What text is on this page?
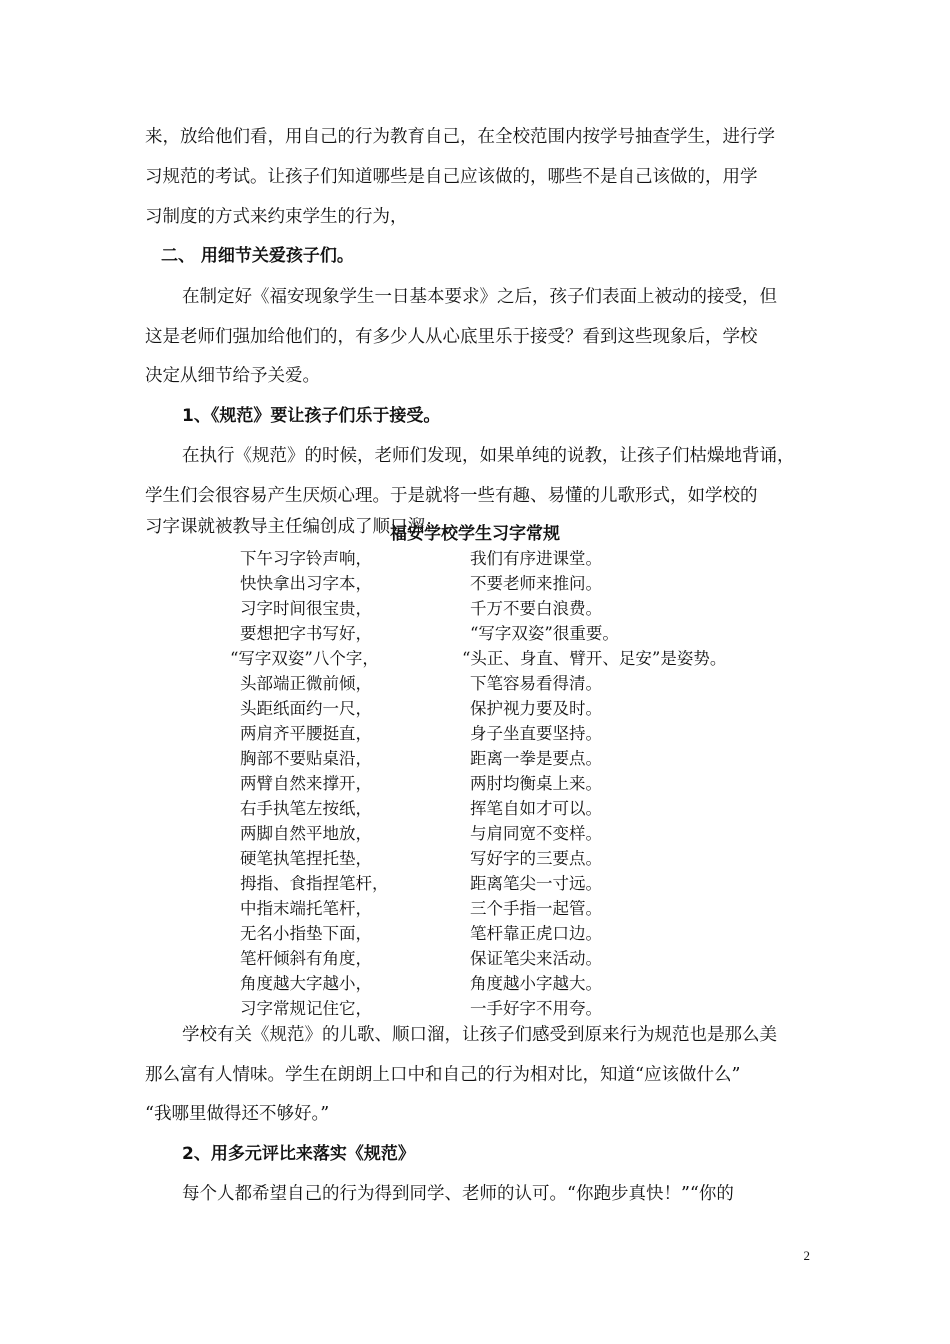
来，放给他们看，用自己的行为教育自己，在全校范围内按学号抽查学生，进行学
习规范的考试。让孩子们知道哪些是自己应该做的，哪些不是自己该做的，用学
习制度的方式来约束学生的行为，
二、 用细节关爱孩子们。
在制定好《福安现象学生一日基本要求》之后，孩子们表面上被动的接受，但
这是老师们强加给他们的，有多少人从心底里乐于接受？看到这些现象后，学校
决定从细节给予关爱。
1、《规范》要让孩子们乐于接受。
在执行《规范》的时候，老师们发现，如果单纯的说教，让孩子们枯燥地背诵，
学生们会很容易产生厌烦心理。于是就将一些有趣、易懂的儿歌形式，如学校的
习字课就被教导主任编创成了顺口溜：
福安学校学生习字常规
下午习字铃声响，	我们有序进课堂。
快快拿出习字本，	不要老师来推问。
习字时间很宝贵，	千万不要白浪费。
要想把字书写好，	“写字双姿”很重要。
“写字双姿”八个字，	“头正、身直、臂开、足安”是姿势。
头部端正微前倾，	下笔容易看得清。
头距纸面约一尺，	保护视力要及时。
两肩齐平腰挺直，	身子坐直要坚持。
胸部不要贴桌沿，	距离一拳是要点。
两臂自然来撑开，	两肘均衡桌上来。
右手执笔左按纸，	挥笔自如才可以。
两脚自然平地放，	与肩同宽不变样。
硬笔执笔捏托垫，	写好字的三要点。
拇指、食指捏笔杆，	距离笔尖一寸远。
中指末端托笔杆，	三个手指一起管。
无名小指垫下面，	笔杆靠正虎口边。
笔杆倾斜有角度，	保证笔尖来活动。
角度越大字越小，	角度越小字越大。
习字常规记住它，	一手好字不用夸。
学校有关《规范》的儿歌、顺口溜，让孩子们感受到原来行为规范也是那么美
那么富有人情味。学生在朗朗上口中和自己的行为相对比，知道“应该做什么”
“我哪里做得还不够好。”
2、用多元评比来落实《规范》
每个人都希望自己的行为得到同学、老师的认可。“你跑步真快！”“你的
2
